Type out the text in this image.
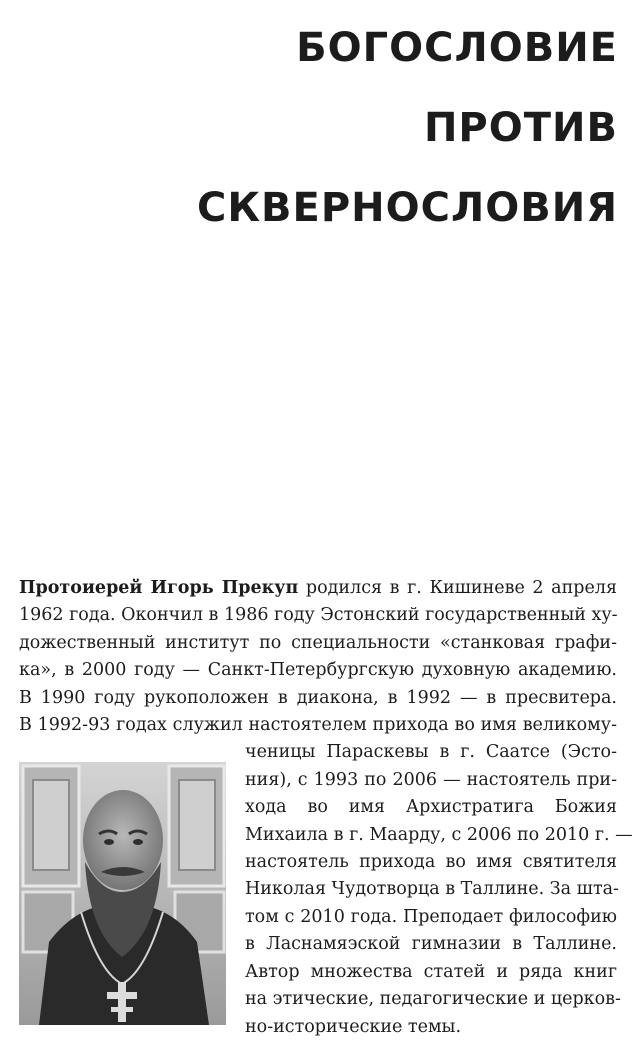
БОГОСЛОВИЕ
ПРОТИВ
СКВЕРНОСЛОВИЯ
Протоиерей Игорь Прекуп родился в г. Кишиневе 2 апреля
1962 года. Окончил в 1986 году Эстонский государственный ху-
дожественный институт по специальности «станковая графи-
ка», в 2000 году — Санкт-Петербургскую духовную академию.
В 1990 году рукоположен в диакона, в 1992 — в пресвитера.
В 1992-93 годах служил настоятелем прихода во имя великому-
ченицы Параскевы в г. Саатсе (Эсто-
ния), с 1993 по 2006 — настоятель при-
хода во имя Архистратига Божия
Михаила в г. Маарду, с 2006 по 2010 г. —
настоятель прихода во имя святителя
Николая Чудотворца в Таллине. За шта-
том с 2010 года. Преподает философию
в Ласнамяэской гимназии в Таллине.
Автор множества статей и ряда книг
на этические, педагогические и церков-
но-исторические темы.
